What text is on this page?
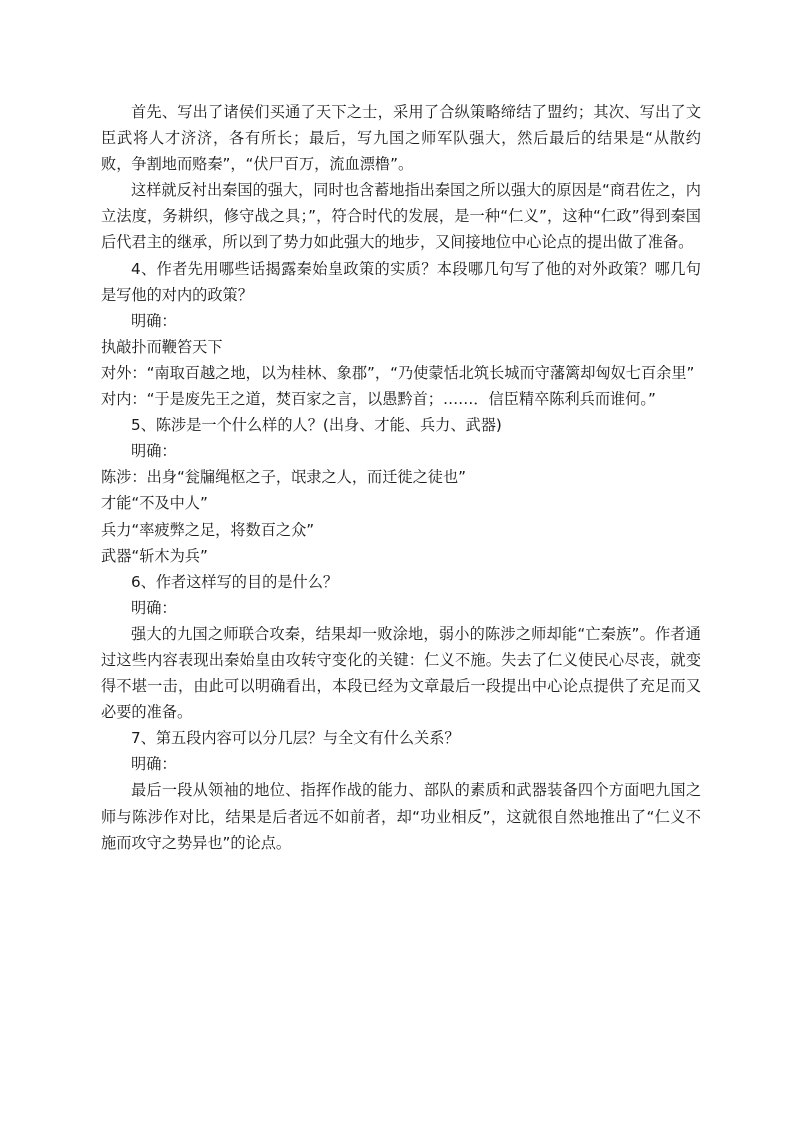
首先、写出了诸侯们买通了天下之士，采用了合纵策略缔结了盟约；其次、写出了文臣武将人才济济，各有所长；最后，写九国之师军队强大，然后最后的结果是“从散约败，争割地而赂秦”，“伏尸百万，流血漂橹”。

这样就反衬出秦国的强大，同时也含蓄地指出秦国之所以强大的原因是“商君佐之，内立法度，务耕织，修守战之具；”，符合时代的发展，是一种“仁义”，这种“仁政”得到秦国后代君主的继承，所以到了势力如此强大的地步，又间接地位中心论点的提出做了准备。

4、作者先用哪些话揭露秦始皇政策的实质？本段哪几句写了他的对外政策？哪几句是写他的对内的政策？

明确：

执敲扑而鞭笞天下

对外：“南取百越之地，以为桂林、象郡”，“乃使蒙恬北筑长城而守藩篱却匈奴七百余里”

对内：“于是废先王之道，焚百家之言，以愚黔首；……．信臣精卒陈利兵而谁何。”

5、陈涉是一个什么样的人？(出身、才能、兵力、武器)

明确：

陈涉：出身“瓮牖绳枢之子，氓隶之人，而迁徙之徒也”

才能“不及中人”

兵力“率疲弊之足，将数百之众”

武器“斩木为兵”

6、作者这样写的目的是什么？

明确：

强大的九国之师联合攻秦，结果却一败涂地，弱小的陈涉之师却能“亡秦族”。作者通过这些内容表现出秦始皇由攻转守变化的关键：仁义不施。失去了仁义使民心尽丧，就变得不堪一击，由此可以明确看出，本段已经为文章最后一段提出中心论点提供了充足而又必要的准备。

7、第五段内容可以分几层？与全文有什么关系？

明确：

最后一段从领袖的地位、指挥作战的能力、部队的素质和武器装备四个方面吧九国之师与陈涉作对比，结果是后者远不如前者，却“功业相反”，这就很自然地推出了“仁义不施而攻守之势异也”的论点。
